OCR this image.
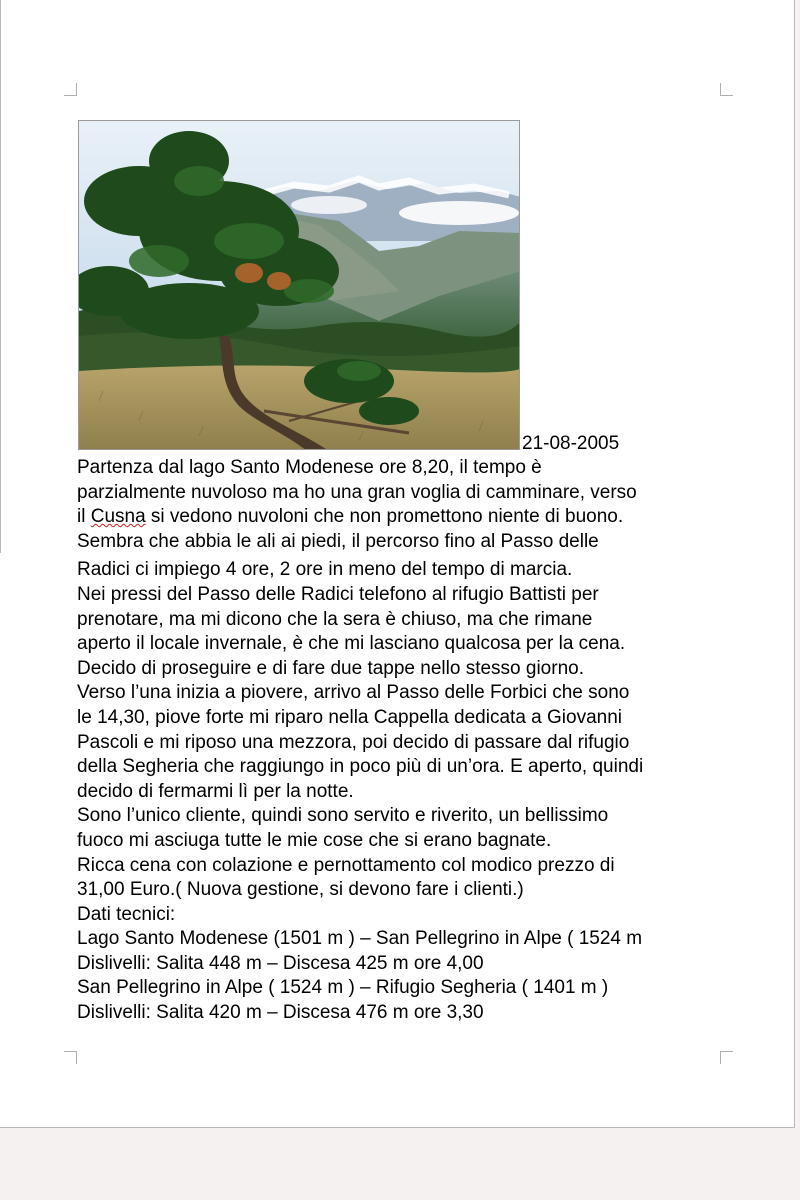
21-08-2005
Partenza dal lago Santo Modenese ore 8,20, il tempo è
parzialmente nuvoloso ma ho una gran voglia di camminare, verso
il Cusna si vedono nuvoloni che non promettono niente di buono.
Sembra che abbia le ali ai piedi, il percorso fino al Passo delle
Radici ci impiego 4 ore, 2 ore in meno del tempo di marcia.
Nei pressi del Passo delle Radici telefono al rifugio Battisti per
prenotare, ma mi dicono che la sera è chiuso, ma che rimane
aperto il locale invernale, è che mi lasciano qualcosa per la cena.
Decido di proseguire e di fare due tappe nello stesso giorno.
Verso l’una inizia a piovere, arrivo al Passo delle Forbici che sono
le 14,30, piove forte mi riparo nella Cappella dedicata a Giovanni
Pascoli e mi riposo una mezzora, poi decido di passare dal rifugio
della Segheria che raggiungo in poco più di un’ora. E aperto, quindi
decido di fermarmi lì per la notte.
Sono l’unico cliente, quindi sono servito e riverito, un bellissimo
fuoco mi asciuga tutte le mie cose che si erano bagnate.
Ricca cena con colazione e pernottamento col modico prezzo di
31,00 Euro.( Nuova gestione, si devono fare i clienti.)
Dati tecnici:
Lago Santo Modenese (1501 m ) – San Pellegrino in Alpe ( 1524 m
Dislivelli: Salita 448 m – Discesa 425 m ore 4,00
San Pellegrino in Alpe ( 1524 m ) – Rifugio Segheria ( 1401 m )
Dislivelli: Salita 420 m – Discesa 476 m ore 3,30
